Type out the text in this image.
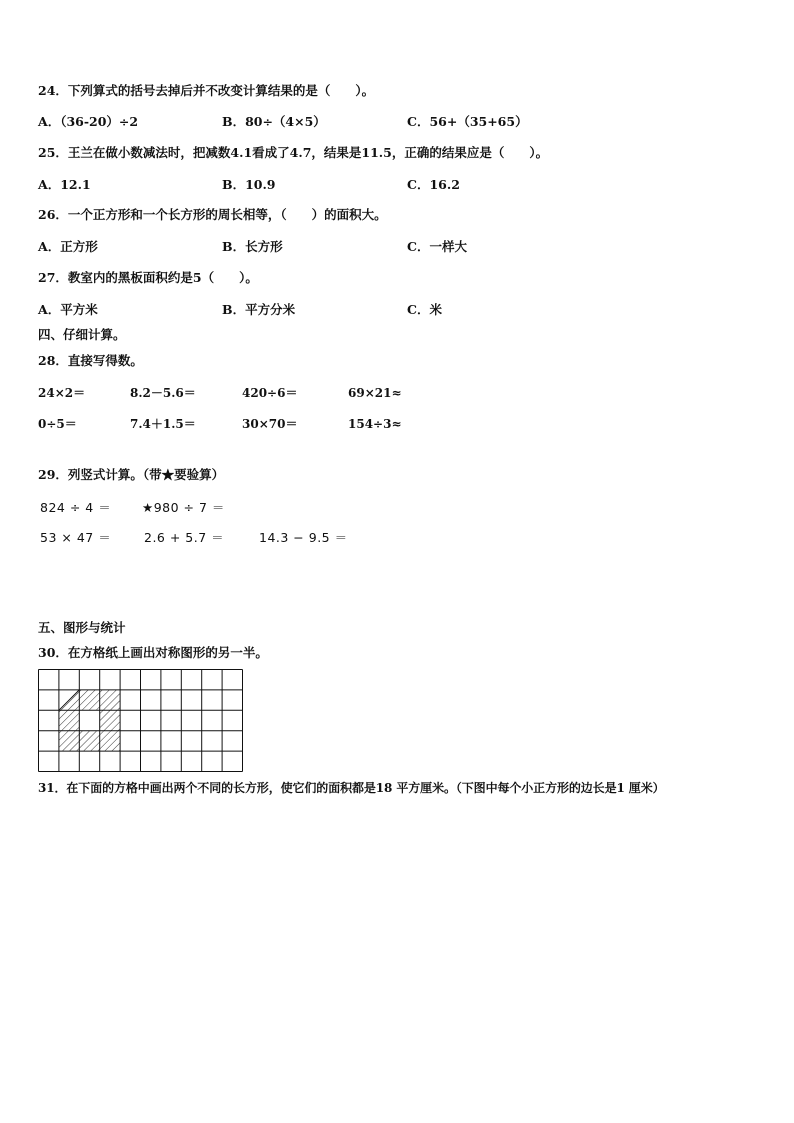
24．下列算式的括号去掉后并不改变计算结果的是（　　）。
A．（36-20）÷2	B．80÷（4×5）	C．56+（35+65）
25．王兰在做小数减法时，把减数4.1看成了4.7，结果是11.5，正确的结果应是（　　）。
A．12.1	B．10.9	C．16.2
26．一个正方形和一个长方形的周长相等，（　　）的面积大。
A．正方形	B．长方形	C．一样大
27．教室内的黑板面积约是5（　　）。
A．平方米	B．平方分米	C．米
四、仔细计算。
28．直接写得数。
24×2＝	8.2－5.6＝	420÷6＝	69×21≈
0÷5＝	7.4＋1.5＝	30×70＝	154÷3≈
29．列竖式计算。（带★要验算）
824 ÷ 4 ＝ ★980 ÷ 7 ＝
53 × 47 ＝	2.6 + 5.7 ＝	14.3 − 9.5 ＝
五、图形与统计
30．在方格纸上画出对称图形的另一半。
31．在下面的方格中画出两个不同的长方形，使它们的面积都是18 平方厘米。（下图中每个小正方形的边长是1 厘米）
